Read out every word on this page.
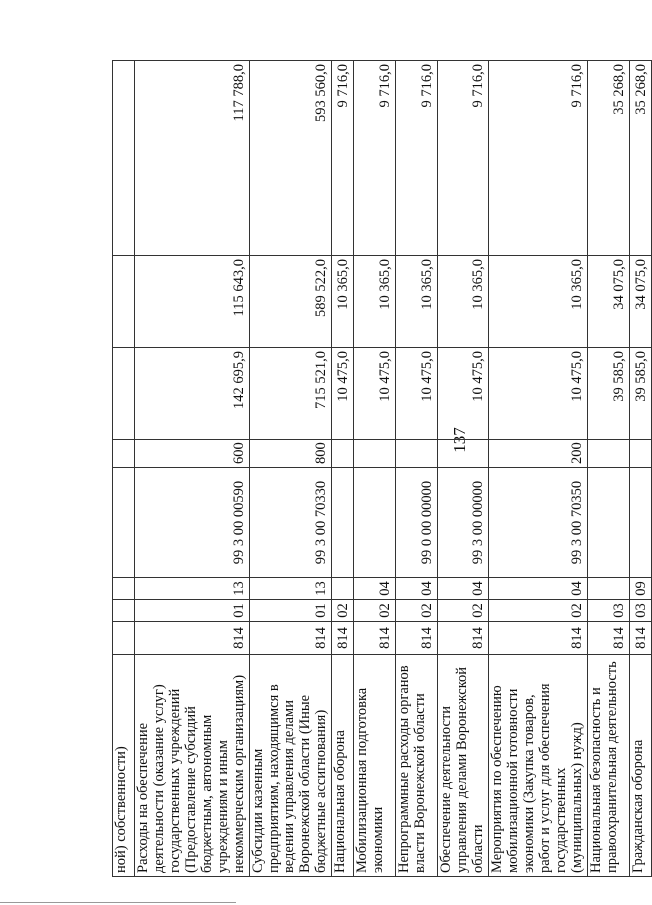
137
ной) собственности)								
Расходы на обеспечение деятельности (оказание услуг) государственных учреждений (Предоставление субсидий бюджетным, автономным учреждениям и иным некоммерческим организациям)	814	01	13	99 3 00 00590	600	142 695,9	115 643,0	117 788,0
Субсидии казенным предприятиям, находящимся в ведении управления делами Воронежской области (Иные бюджетные ассигнования)	814	01	13	99 3 00 70330	800	715 521,0	589 522,0	593 560,0
Национальная оборона	814	02				10 475,0	10 365,0	9 716,0
Мобилизационная подготовка экономики	814	02	04			10 475,0	10 365,0	9 716,0
Непрограммные расходы органов власти Воронежской области	814	02	04	99 0 00 00000		10 475,0	10 365,0	9 716,0
Обеспечение деятельности управления делами Воронежской области	814	02	04	99 3 00 00000		10 475,0	10 365,0	9 716,0
Мероприятия по обеспечению мобилизационной готовности экономики (Закупка товаров, работ и услуг для обеспечения государственных (муниципальных) нужд)	814	02	04	99 3 00 70350	200	10 475,0	10 365,0	9 716,0
Национальная безопасность и правоохранительная деятельность	814	03				39 585,0	34 075,0	35 268,0
Гражданская оборона	814	03	09			39 585,0	34 075,0	35 268,0
